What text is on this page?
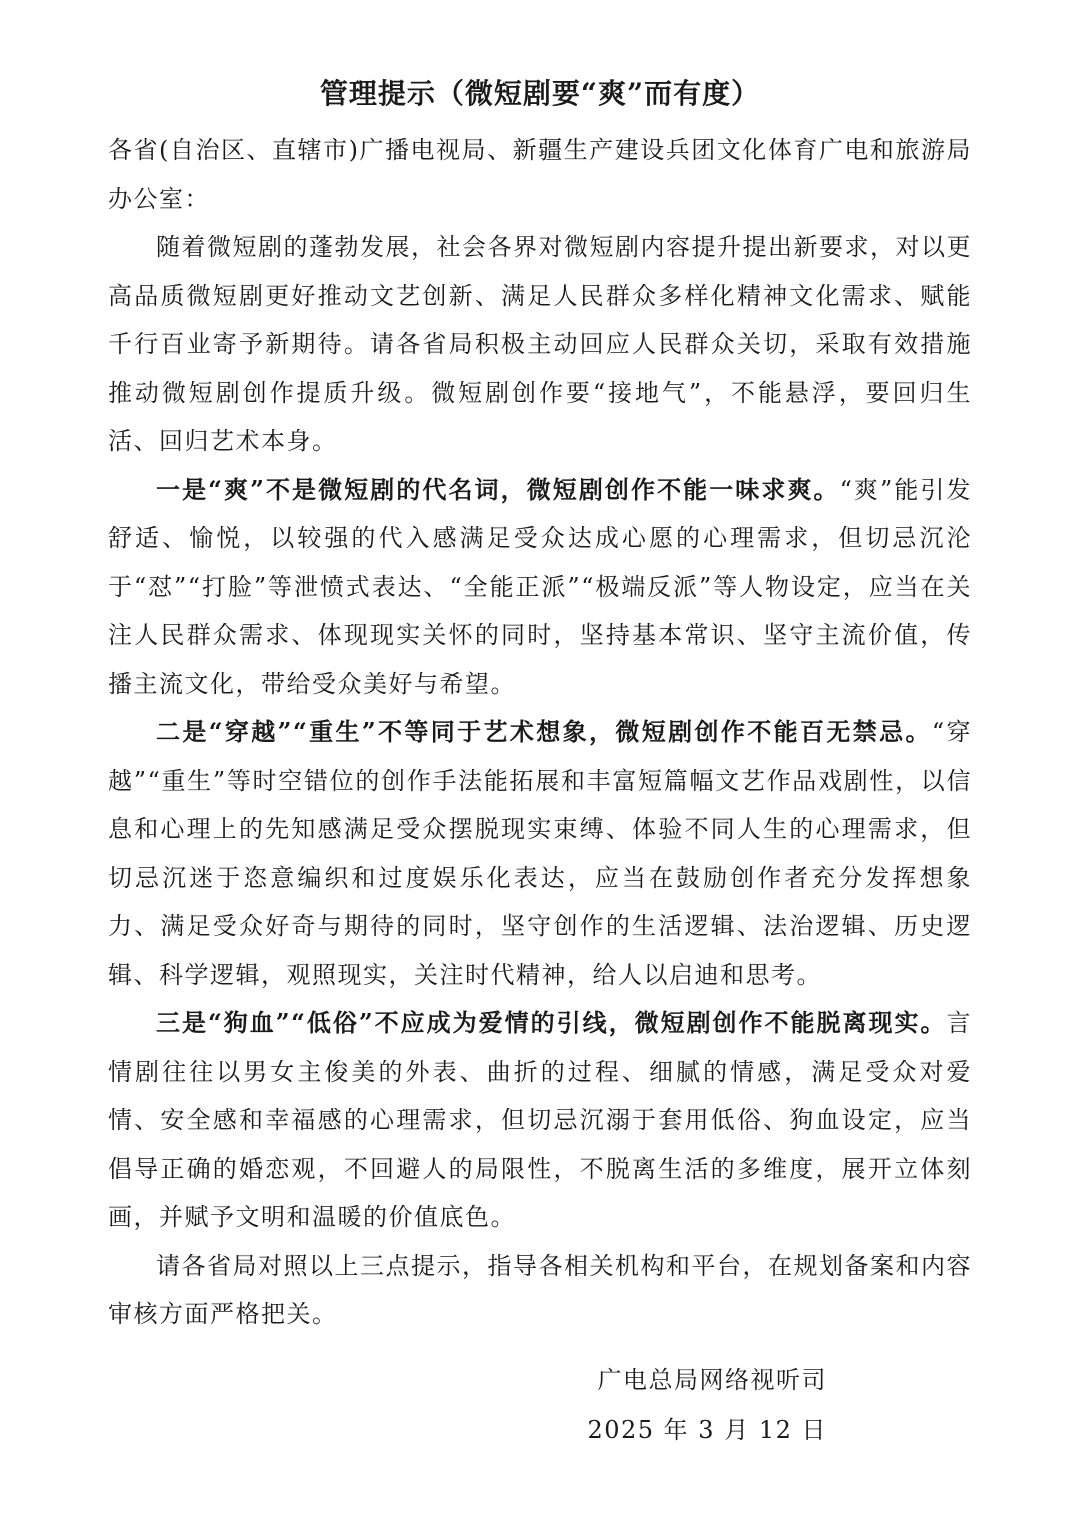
管理提示（微短剧要“爽”而有度）

各省(自治区、直辖市)广播电视局、新疆生产建设兵团文化体育广电和旅游局办公室：

随着微短剧的蓬勃发展，社会各界对微短剧内容提升提出新要求，对以更高品质微短剧更好推动文艺创新、满足人民群众多样化精神文化需求、赋能千行百业寄予新期待。请各省局积极主动回应人民群众关切，采取有效措施推动微短剧创作提质升级。微短剧创作要“接地气”，不能悬浮，要回归生活、回归艺术本身。

一是“爽”不是微短剧的代名词，微短剧创作不能一味求爽。“爽”能引发舒适、愉悦，以较强的代入感满足受众达成心愿的心理需求，但切忌沉沦于“怼”“打脸”等泄愤式表达、“全能正派”“极端反派”等人物设定，应当在关注人民群众需求、体现现实关怀的同时，坚持基本常识、坚守主流价值，传播主流文化，带给受众美好与希望。

二是“穿越”“重生”不等同于艺术想象，微短剧创作不能百无禁忌。“穿越”“重生”等时空错位的创作手法能拓展和丰富短篇幅文艺作品戏剧性，以信息和心理上的先知感满足受众摆脱现实束缚、体验不同人生的心理需求，但切忌沉迷于恣意编织和过度娱乐化表达，应当在鼓励创作者充分发挥想象力、满足受众好奇与期待的同时，坚守创作的生活逻辑、法治逻辑、历史逻辑、科学逻辑，观照现实，关注时代精神，给人以启迪和思考。

三是“狗血”“低俗”不应成为爱情的引线，微短剧创作不能脱离现实。言情剧往往以男女主俊美的外表、曲折的过程、细腻的情感，满足受众对爱情、安全感和幸福感的心理需求，但切忌沉溺于套用低俗、狗血设定，应当倡导正确的婚恋观，不回避人的局限性，不脱离生活的多维度，展开立体刻画，并赋予文明和温暖的价值底色。

请各省局对照以上三点提示，指导各相关机构和平台，在规划备案和内容审核方面严格把关。

广电总局网络视听司
2025 年 3 月 12 日
